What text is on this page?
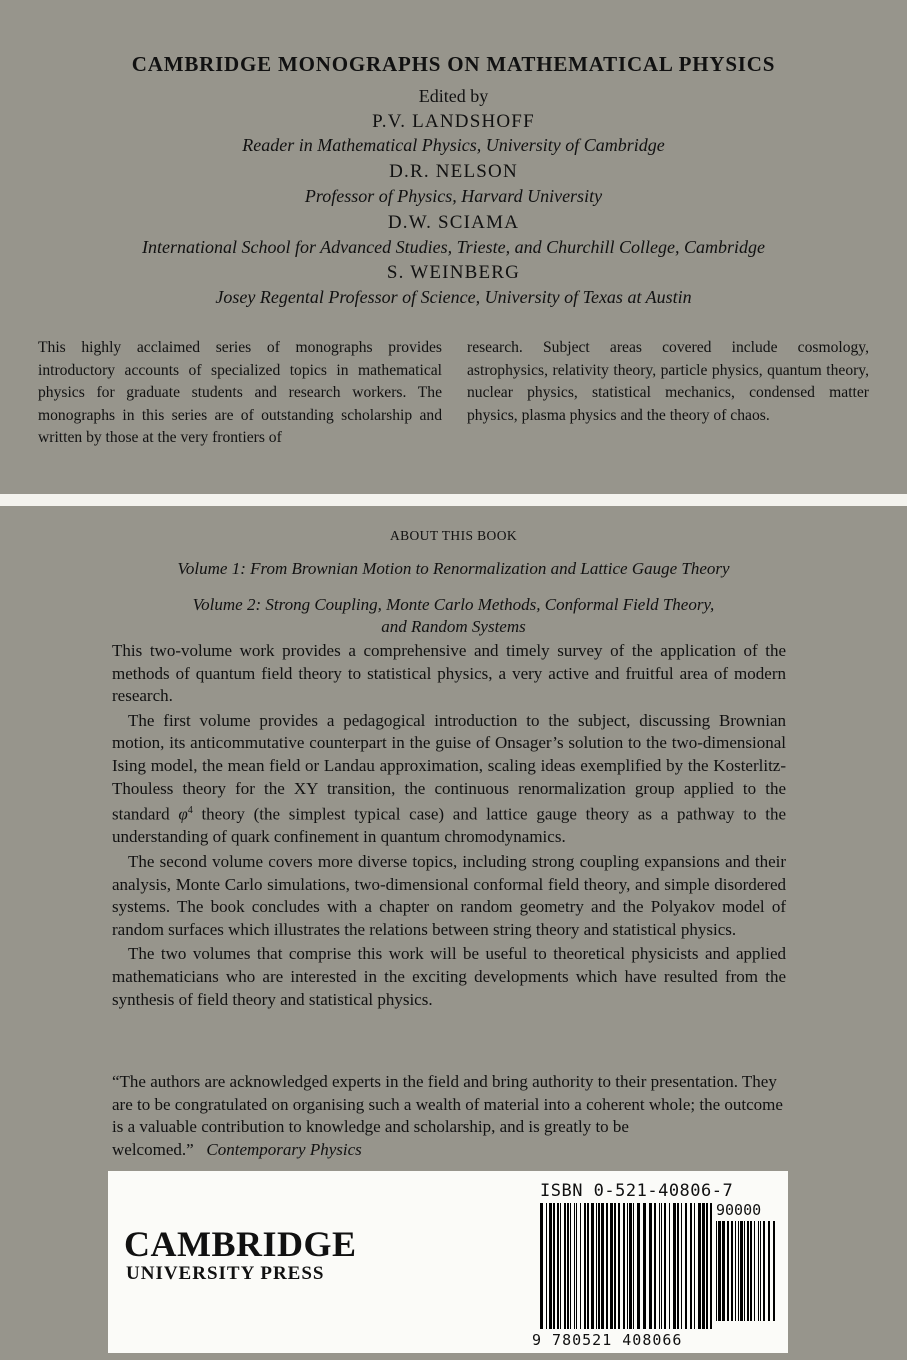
CAMBRIDGE MONOGRAPHS ON MATHEMATICAL PHYSICS
Edited by
P.V. LANDSHOFF
Reader in Mathematical Physics, University of Cambridge
D.R. NELSON
Professor of Physics, Harvard University
D.W. SCIAMA
International School for Advanced Studies, Trieste, and Churchill College, Cambridge
S. WEINBERG
Josey Regental Professor of Science, University of Texas at Austin
This highly acclaimed series of monographs provides introductory accounts of specialized topics in mathematical physics for graduate students and research workers. The monographs in this series are of outstanding scholarship and written by those at the very frontiers of
research. Subject areas covered include cosmology, astrophysics, relativity theory, particle physics, quantum theory, nuclear physics, statistical mechanics, condensed matter physics, plasma physics and the theory of chaos.
ABOUT THIS BOOK
Volume 1: From Brownian Motion to Renormalization and Lattice Gauge Theory
Volume 2: Strong Coupling, Monte Carlo Methods, Conformal Field Theory,
and Random Systems

This two-volume work provides a comprehensive and timely survey of the application of the methods of quantum field theory to statistical physics, a very active and fruitful area of modern research.

The first volume provides a pedagogical introduction to the subject, discussing Brownian motion, its anticommutative counterpart in the guise of Onsager’s solution to the two-dimensional Ising model, the mean field or Landau approximation, scaling ideas exemplified by the Kosterlitz-Thouless theory for the XY transition, the continuous renormalization group applied to the standard $\varphi^4$ theory (the simplest typical case) and lattice gauge theory as a pathway to the understanding of quark confinement in quantum chromodynamics.

The second volume covers more diverse topics, including strong coupling expansions and their analysis, Monte Carlo simulations, two-dimensional conformal field theory, and simple disordered systems. The book concludes with a chapter on random geometry and the Polyakov model of random surfaces which illustrates the relations between string theory and statistical physics.

The two volumes that comprise this work will be useful to theoretical physicists and applied mathematicians who are interested in the exciting developments which have resulted from the synthesis of field theory and statistical physics.

“The authors are acknowledged experts in the field and bring authority to their presentation. They are to be congratulated on organising such a wealth of material into a coherent whole; the outcome is a valuable contribution to knowledge and scholarship, and is greatly to be welcomed.” Contemporary Physics
CAMBRIDGE
UNIVERSITY PRESS
ISBN 0-521-40806-7
90000
9 780521 408066
